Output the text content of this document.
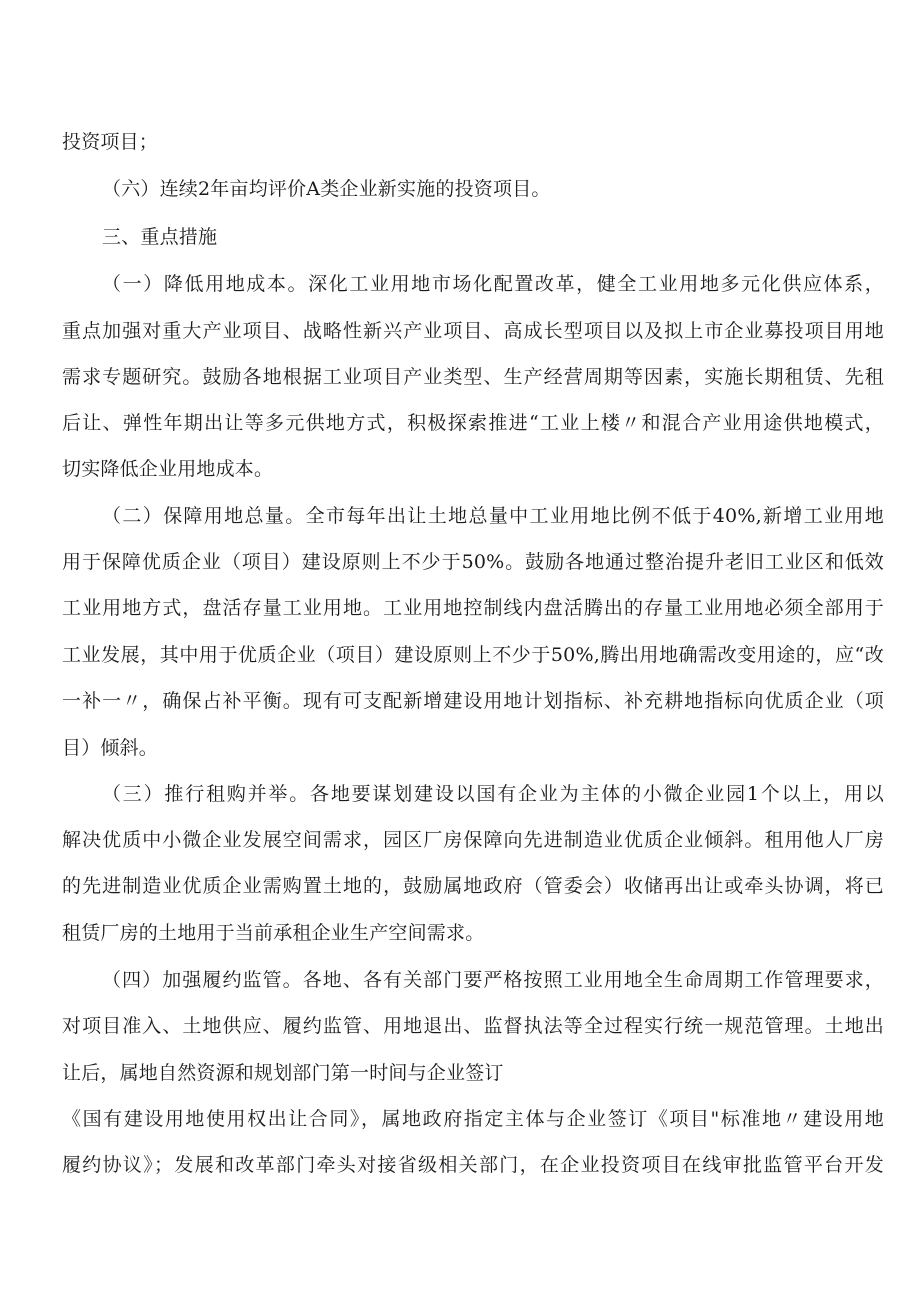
投资项目；
（六）连续2年亩均评价A类企业新实施的投资项目。
三、重点措施
（一）降低用地成本。深化工业用地市场化配置改革，健全工业用地多元化供应体系，
重点加强对重大产业项目、战略性新兴产业项目、高成长型项目以及拟上市企业募投项目用地
需求专题研究。鼓励各地根据工业项目产业类型、生产经营周期等因素，实施长期租赁、先租
后让、弹性年期出让等多元供地方式，积极探索推进“工业上楼〃和混合产业用途供地模式，
切实降低企业用地成本。
（二）保障用地总量。全市每年出让土地总量中工业用地比例不低于40%,新增工业用地
用于保障优质企业（项目）建设原则上不少于50%。鼓励各地通过整治提升老旧工业区和低效
工业用地方式，盘活存量工业用地。工业用地控制线内盘活腾出的存量工业用地必须全部用于
工业发展，其中用于优质企业（项目）建设原则上不少于50%,腾出用地确需改变用途的，应“改
一补一〃，确保占补平衡。现有可支配新增建设用地计划指标、补充耕地指标向优质企业（项
目）倾斜。
（三）推行租购并举。各地要谋划建设以国有企业为主体的小微企业园1个以上，用以
解决优质中小微企业发展空间需求，园区厂房保障向先进制造业优质企业倾斜。租用他人厂房
的先进制造业优质企业需购置土地的，鼓励属地政府（管委会）收储再出让或牵头协调，将已
租赁厂房的土地用于当前承租企业生产空间需求。
（四）加强履约监管。各地、各有关部门要严格按照工业用地全生命周期工作管理要求，
对项目准入、土地供应、履约监管、用地退出、监督执法等全过程实行统一规范管理。土地出
让后，属地自然资源和规划部门第一时间与企业签订
《国有建设用地使用权出让合同》，属地政府指定主体与企业签订《项目"标准地〃建设用地
履约协议》；发展和改革部门牵头对接省级相关部门，在企业投资项目在线审批监管平台开发
